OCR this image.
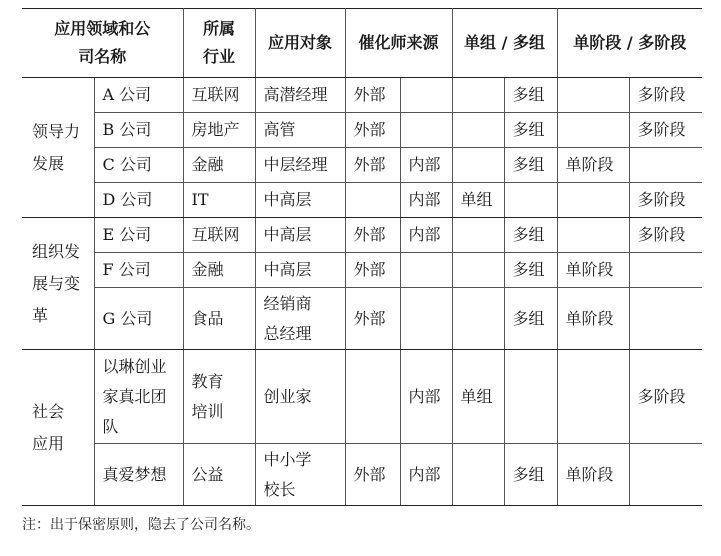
应用领域和公司名称		所属行业	应用对象	催化师来源		单组 / 多组		单阶段 / 多阶段	

领导力发展	A 公司	互联网	高潜经理	外部			多组		多阶段
	B 公司	房地产	高管	外部			多组		多阶段
	C 公司	金融	中层经理	外部	内部		多组	单阶段	
	D 公司	IT	中高层		内部	单组			多阶段

组织发展与变革	E 公司	互联网	中高层	外部	内部		多组		多阶段
	F 公司	金融	中高层	外部			多组	单阶段	
	G 公司	食品	经销商总经理	外部			多组	单阶段	

社会应用	以琳创业家真北团队	教育培训	创业家		内部	单组			多阶段
	真爱梦想	公益	中小学校长	外部	内部		多组	单阶段	
注：出于保密原则，隐去了公司名称。
